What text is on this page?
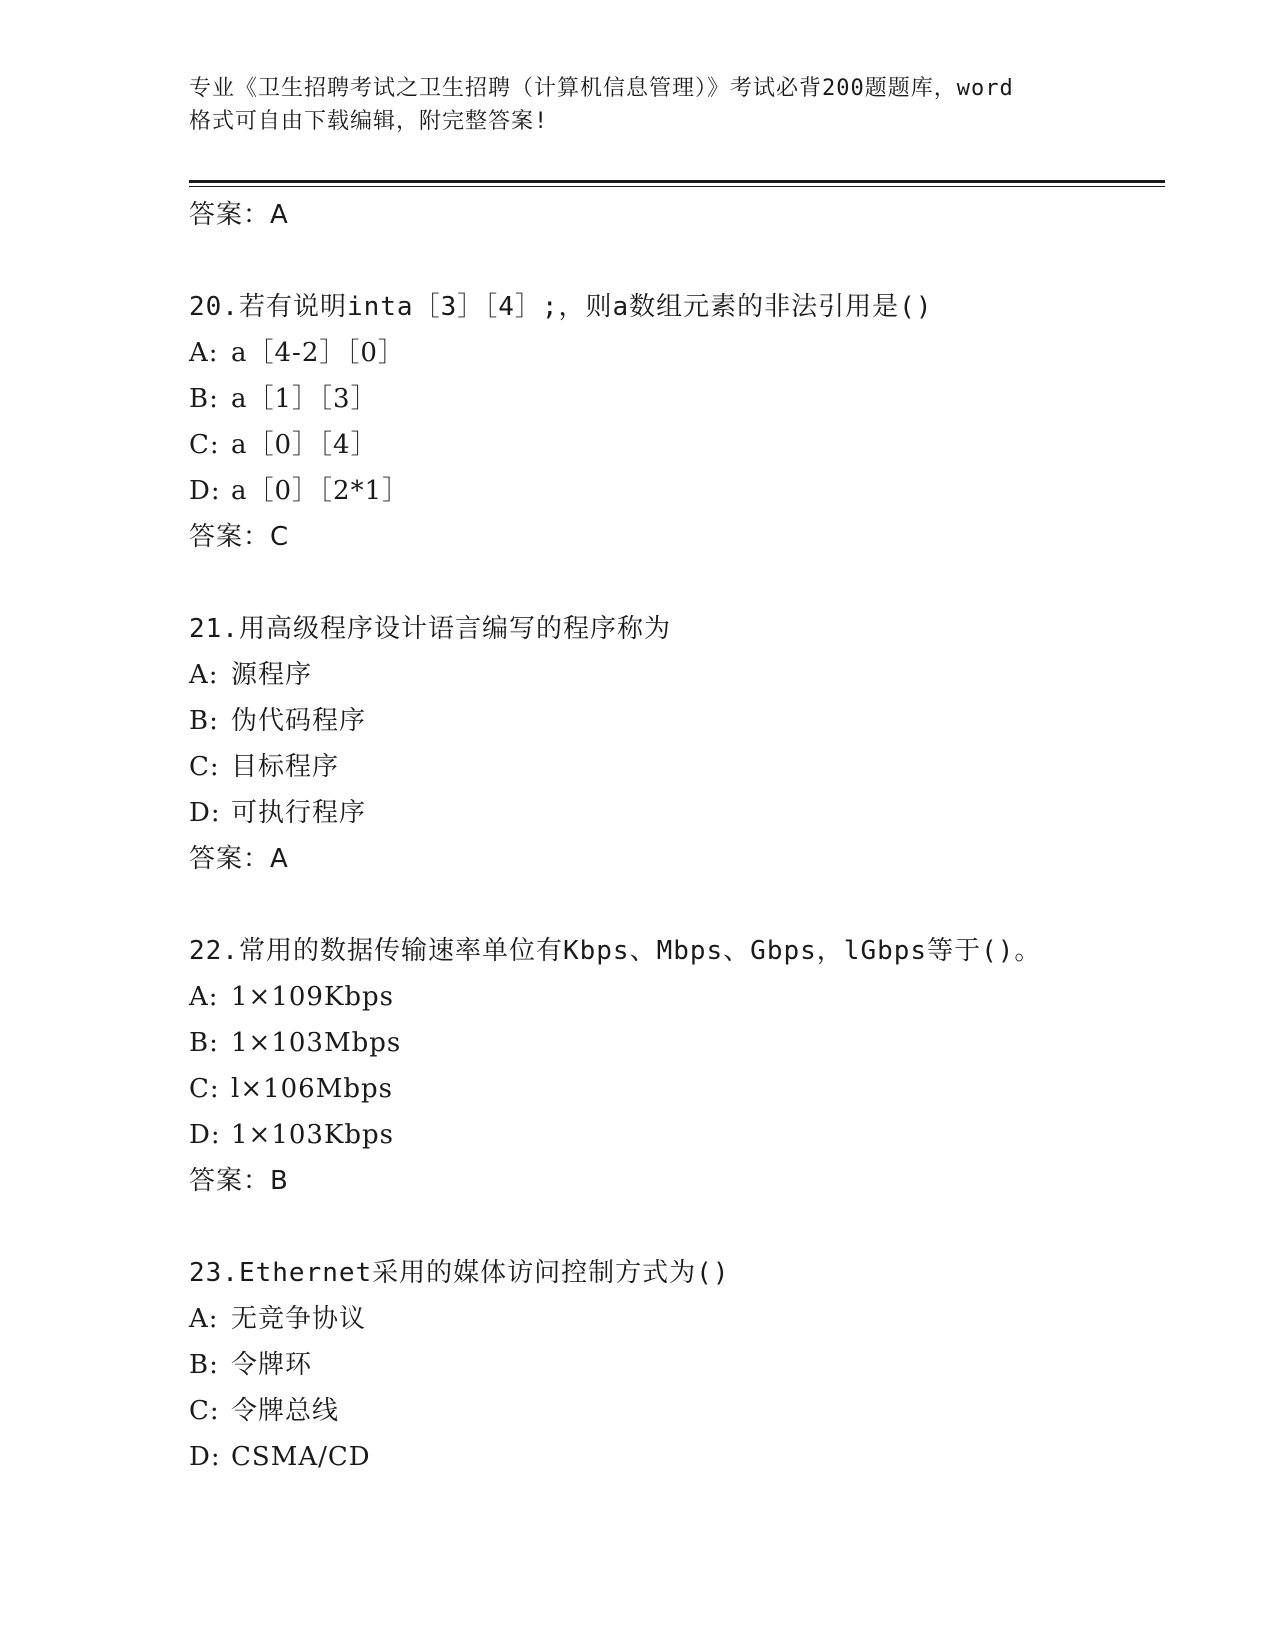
专业《卫生招聘考试之卫生招聘（计算机信息管理）》考试必背200题题库，word
格式可自由下载编辑，附完整答案!
答案：A
20.若有说明inta［3］［4］;，则a数组元素的非法引用是()
A: a［4-2］［0］
B: a［1］［3］
C: a［0］［4］
D: a［0］［2*1］
答案：C
21.用高级程序设计语言编写的程序称为
A: 源程序
B: 伪代码程序
C: 目标程序
D: 可执行程序
答案：A
22.常用的数据传输速率单位有Kbps、Mbps、Gbps，lGbps等于()。
A: 1×109Kbps
B: 1×103Mbps
C: l×106Mbps
D: 1×103Kbps
答案：B
23.Ethernet采用的媒体访问控制方式为()
A: 无竞争协议
B: 令牌环
C: 令牌总线
D: CSMA/CD
